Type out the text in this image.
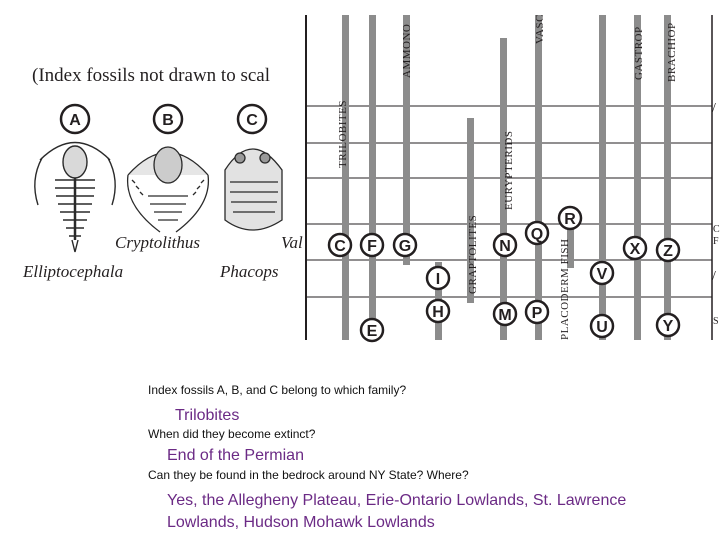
(Index fossils not drawn to scal
A	B	C
Elliptocephala
Cryptolithus
Phacops
Val
TRILOBITES
AMMONO	VASC
EURYPTERIDS
GRAPTOLITES	PLACODERM FISH
GASTROP BRACHIOP
C F G
E
I
H
N
M
Q
P
R
V
U
X
Y
Z
/
C
F
/
S

Index fossils A, B, and C belong to which family?

Trilobites

When did they become extinct?

End of the Permian

Can they be found in the bedrock around NY State? Where?

Yes, the Allegheny Plateau, Erie-Ontario Lowlands, St. Lawrence

Lowlands, Hudson Mohawk Lowlands
